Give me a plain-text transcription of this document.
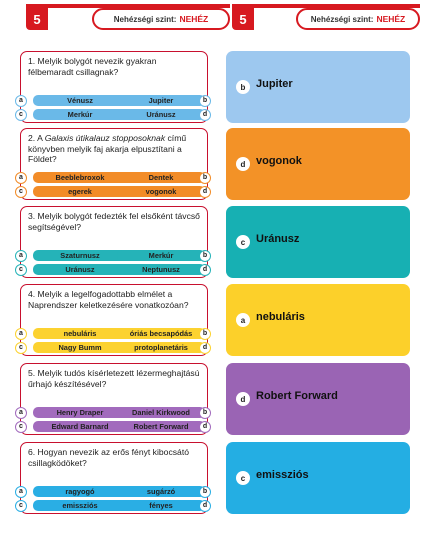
5	Nehézségi szint: NEHÉZ	5	Nehézségi szint: NEHÉZ
1. Melyik bolygót nevezik gyakran félbemaradt csillagnak?
Vénusz	Jupiter
Merkúr	Uránusz
a	b
c	d
2. A Galaxis útikalauz stopposoknak című könyvben melyik faj akarja elpusztítani a Földet?
Beeblebroxok	Dentek
egerek	vogonok
a	b
c	d
3. Melyik bolygót fedezték fel elsőként távcső segítségével?
Szaturnusz	Merkúr
Uránusz	Neptunusz
a	b
c	d
4. Melyik a legelfogadottabb elmélet a Naprendszer keletkezésére vonatkozóan?
nebuláris	óriás becsapódás
Nagy Bumm	protoplanetáris
a	b
c	d
5. Melyik tudós kísérletezett lézermeghajtású űrhajó készítésével?
Henry Draper	Daniel Kirkwood
Edward Barnard	Robert Forward
a	b
c	d
6. Hogyan nevezik az erős fényt kibocsátó csillagködöket?
ragyogó	sugárzó
emissziós	fényes
a	b
c	d
b Jupiter
d vogonok
c Uránusz
a nebuláris
d Robert Forward
c emissziós
